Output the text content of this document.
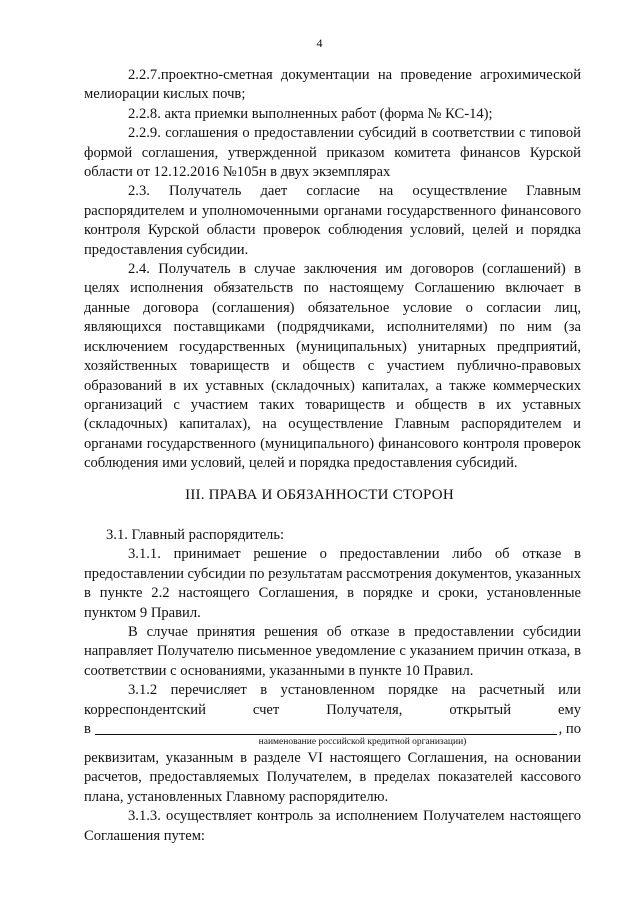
4

2.2.7.проектно-сметная документации на проведение агрохимической мелиорации кислых почв;

2.2.8. акта приемки выполненных работ (форма № КС-14);

2.2.9. соглашения о предоставлении субсидий в соответствии с типовой формой соглашения, утвержденной приказом комитета финансов Курской области от 12.12.2016 №105н в двух экземплярах

2.3. Получатель дает согласие на осуществление Главным распорядителем и уполномоченными органами государственного финансового контроля Курской области проверок соблюдения условий, целей и порядка предоставления субсидии.

2.4. Получатель в случае заключения им договоров (соглашений) в целях исполнения обязательств по настоящему Соглашению включает в данные договора (соглашения) обязательное условие о согласии лиц, являющихся поставщиками (подрядчиками, исполнителями) по ним (за исключением государственных (муниципальных) унитарных предприятий, хозяйственных товариществ и обществ с участием публично-правовых образований в их уставных (складочных) капиталах, а также коммерческих организаций с участием таких товариществ и обществ в их уставных (складочных) капиталах), на осуществление Главным распорядителем и органами государственного (муниципального) финансового контроля проверок соблюдения ими условий, целей и порядка предоставления субсидий.

III. ПРАВА И ОБЯЗАННОСТИ СТОРОН

3.1. Главный распорядитель:

3.1.1. принимает решение о предоставлении либо об отказе в предоставлении субсидии по результатам рассмотрения документов, указанных в пункте 2.2 настоящего Соглашения, в порядке и сроки, установленные пунктом 9 Правил.

В случае принятия решения об отказе в предоставлении субсидии направляет Получателю письменное уведомление с указанием причин отказа, в соответствии с основаниями, указанными в пункте 10 Правил.

3.1.2 перечисляет в установленном порядке на расчетный или корреспондентский счет Получателя, открытый ему

в	, по
наименование российской кредитной организации)

реквизитам, указанным в разделе VI настоящего Соглашения, на основании расчетов, предоставляемых Получателем, в пределах показателей кассового плана, установленных Главному распорядителю.

3.1.3. осуществляет контроль за исполнением Получателем настоящего Соглашения путем:
